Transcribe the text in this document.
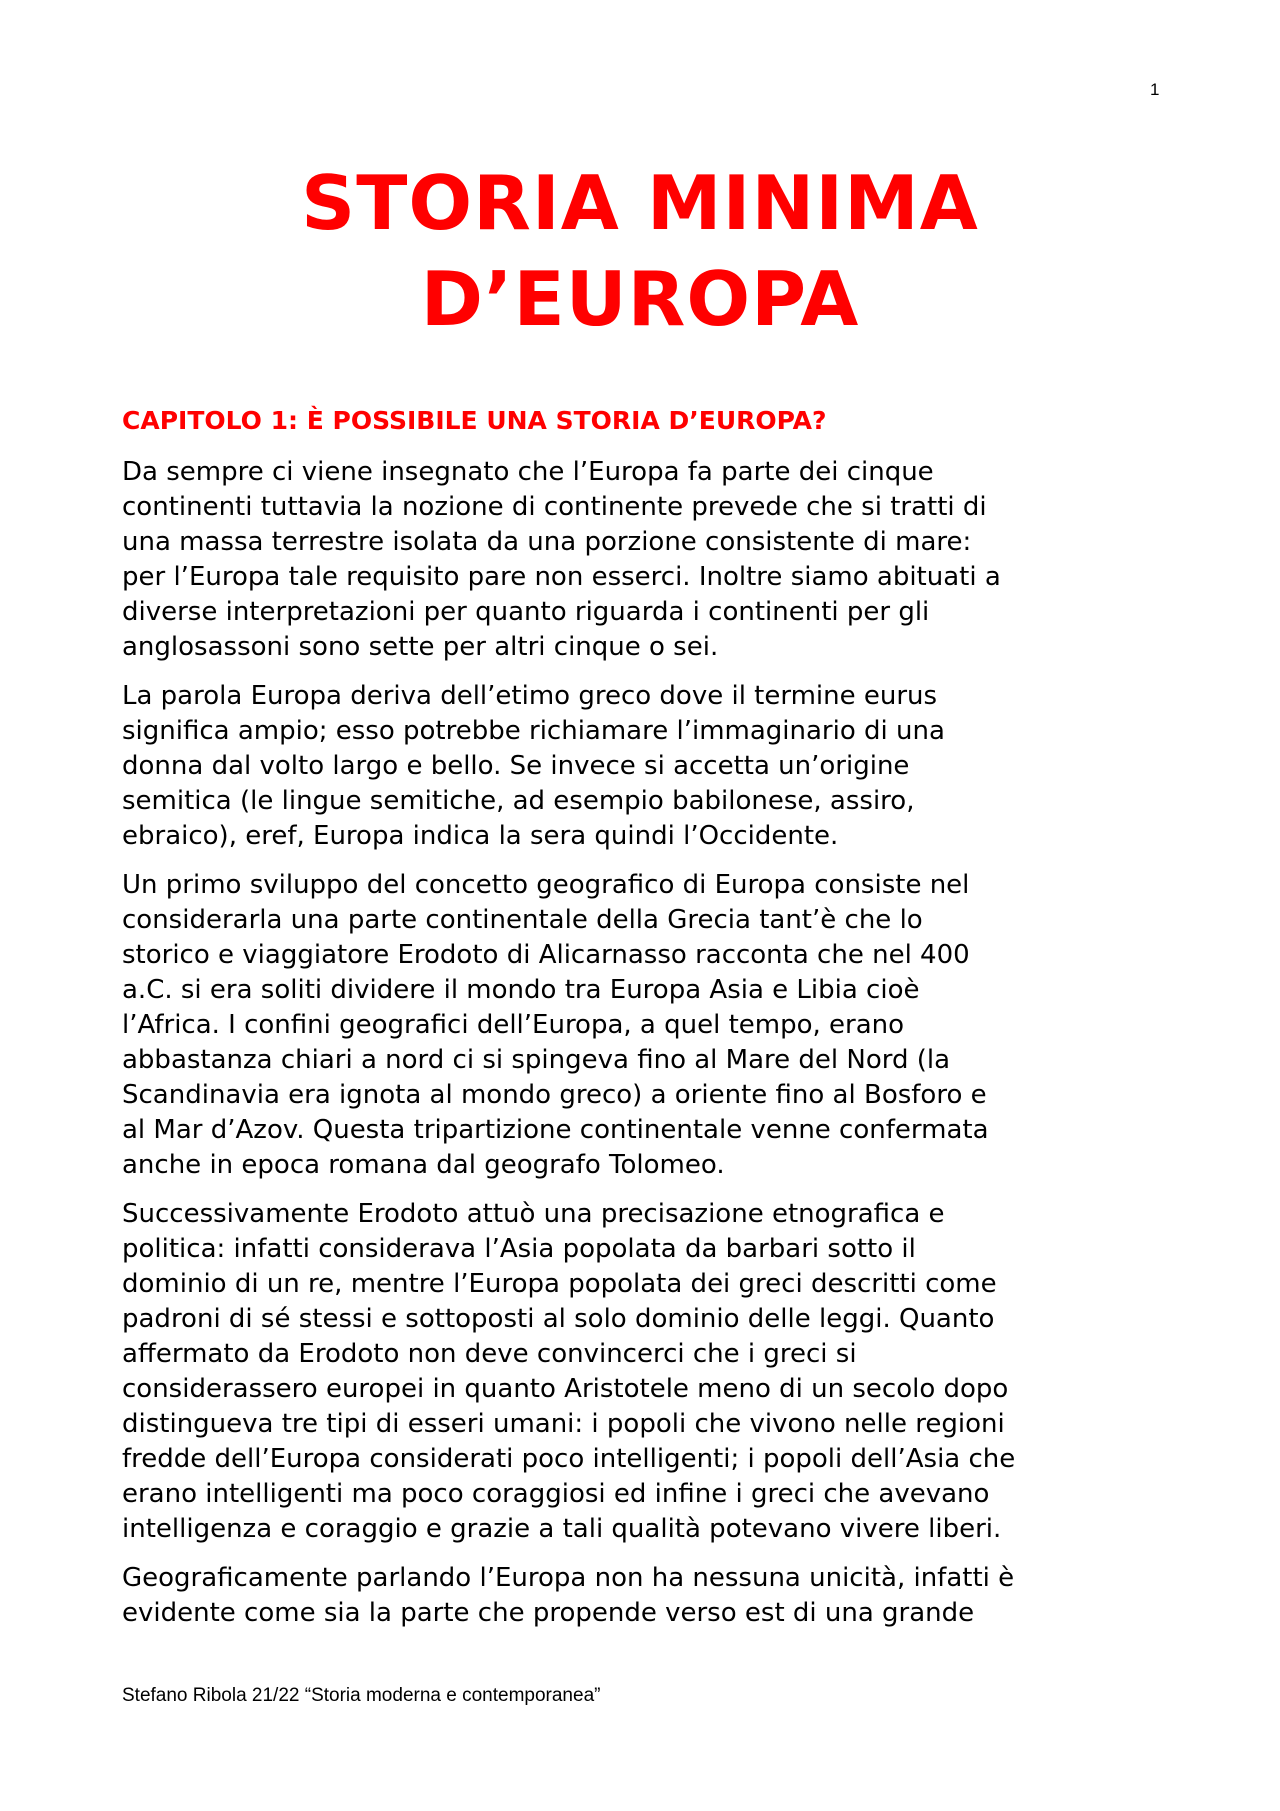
1
STORIA MINIMA
D’EUROPA
CAPITOLO 1: È POSSIBILE UNA STORIA D’EUROPA?

Da sempre ci viene insegnato che l’Europa fa parte dei cinque
continenti tuttavia la nozione di continente prevede che si tratti di
una massa terrestre isolata da una porzione consistente di mare:
per l’Europa tale requisito pare non esserci. Inoltre siamo abituati a
diverse interpretazioni per quanto riguarda i continenti per gli
anglosassoni sono sette per altri cinque o sei.

La parola Europa deriva dell’etimo greco dove il termine eurus
significa ampio; esso potrebbe richiamare l’immaginario di una
donna dal volto largo e bello. Se invece si accetta un’origine
semitica (le lingue semitiche, ad esempio babilonese, assiro,
ebraico), eref, Europa indica la sera quindi l’Occidente.

Un primo sviluppo del concetto geografico di Europa consiste nel
considerarla una parte continentale della Grecia tant’è che lo
storico e viaggiatore Erodoto di Alicarnasso racconta che nel 400
a.C. si era soliti dividere il mondo tra Europa Asia e Libia cioè
l’Africa. I confini geografici dell’Europa, a quel tempo, erano
abbastanza chiari a nord ci si spingeva fino al Mare del Nord (la
Scandinavia era ignota al mondo greco) a oriente fino al Bosforo e
al Mar d’Azov. Questa tripartizione continentale venne confermata
anche in epoca romana dal geografo Tolomeo.

Successivamente Erodoto attuò una precisazione etnografica e
politica: infatti considerava l’Asia popolata da barbari sotto il
dominio di un re, mentre l’Europa popolata dei greci descritti come
padroni di sé stessi e sottoposti al solo dominio delle leggi. Quanto
affermato da Erodoto non deve convincerci che i greci si
considerassero europei in quanto Aristotele meno di un secolo dopo
distingueva tre tipi di esseri umani: i popoli che vivono nelle regioni
fredde dell’Europa considerati poco intelligenti; i popoli dell’Asia che
erano intelligenti ma poco coraggiosi ed infine i greci che avevano
intelligenza e coraggio e grazie a tali qualità potevano vivere liberi.

Geograficamente parlando l’Europa non ha nessuna unicità, infatti è
evidente come sia la parte che propende verso est di una grande

Stefano Ribola 21/22 “Storia moderna e contemporanea”
